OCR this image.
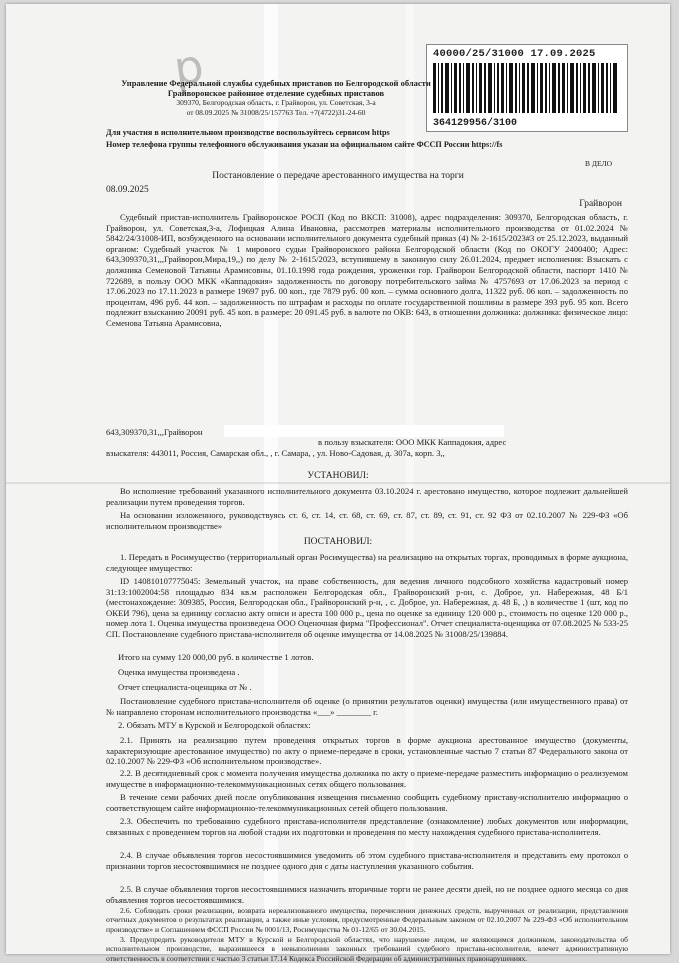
р	40000/25/31000 17.09.2025
364129956/3100
Управление Федеральной службы судебных приставов по Белгородской области
Грайворонское районное отделение судебных приставов
309370, Белгородская область, г. Грайворон, ул. Советская, 3-а
от 08.09.2025 № 31008/25/157763 Тел. +7(4722)31-24-60
Для участия в исполнительном производстве воспользуйтесь сервисом https
Номер телефона группы телефонного обслуживания указан на официальном сайте ФССП России https://fs
В ДЕЛО
Постановление о передаче арестованного имущества на торги
08.09.2025
Грайворон

Судебный пристав-исполнитель Грайворонское РОСП (Код по ВКСП: 31008), адрес подразделения: 309370, Белгородская область, г. Грайворон, ул. Советская,3-а, Лофицкая Алина Ивановна, рассмотрев материалы исполнительного производства от 01.02.2024 № 5842/24/31008-ИП, возбужденного на основании исполнительного документа судебный приказ (4) № 2-1615/2023#3 от 25.12.2023, выданный органом: Судебный участок № 1 мирового судьи Грайворонского района Белгородской области (Код по ОКОГУ 2400400; Адрес: 643,309370,31,,,Грайворон,Мира,19,,) по делу № 2-1615/2023, вступившему в законную силу 26.01.2024, предмет исполнения: Взыскать с должника Семеновой Татьяны Арамисовны, 01.10.1998 года рождения, уроженки гор. Грайворон Белгородской области, паспорт 1410 № 722689, в пользу ООО МКК «Каппадокия» задолженность по договору потребительского займа № 4757693 от 17.06.2023 за период с 17.06.2023 по 17.11.2023 в размере 19697 руб. 00 коп., где 7879 руб. 00 коп. – сумма основного долга, 11322 руб. 06 коп. – задолженность по процентам, 496 руб. 44 коп. – задолженность по штрафам и расходы по оплате государственной пошлины в размере 393 руб. 95 коп. Всего подлежит взысканию 20091 руб. 45 коп. в размере: 20 091.45 руб. в валюте по ОКВ: 643, в отношении должника: должника: физическое лицо: Семенова Татьяна Арамисовна,

643,309370,31,,,Грайворон
в пользу взыскателя: ООО МКК Каппадокия, адрес
взыскателя: 443011, Россия, Самарская обл., , г. Самара, , ул. Ново-Садовая, д. 307а, корп. 3,,
УСТАНОВИЛ:

Во исполнение требований указанного исполнительного документа 03.10.2024 г. арестовано имущество, которое подлежит дальнейшей реализации путем проведения торгов.

На основании изложенного, руководствуясь ст. 6, ст. 14, ст. 68, ст. 69, ст. 87, ст. 89, ст. 91, ст. 92 ФЗ от 02.10.2007 № 229-ФЗ «Об исполнительном производстве»

ПОСТАНОВИЛ:

1. Передать в Росимущество (территориальный орган Росимущества) на реализацию на открытых торгах, проводимых в форме аукциона, следующее имущество:

ID 140810107775045: Земельный участок, на праве собственность, для ведения личного подсобного хозяйства кадастровый номер 31:13:1002004:58 площадью 834 кв.м расположен Белгородская обл., Грайворонский р-он, с. Доброе, ул. Набережная, 48 Б/1 (местонахождение: 309385, Россия, Белгородская обл., Грайворонский р-н, , с. Доброе, ул. Набережная, д. 48 Б, ,) в количестве 1 (шт, код по ОКЕИ 796), цена за единицу согласно акту описи и ареста 100 000 р., цена по оценке за единицу 120 000 р., стоимость по оценке 120 000 р., номер лота 1. Оценка имущества произведена ООО Оценочная фирма "Профессионал". Отчет специалиста-оценщика от 07.08.2025 № 533-25 СП. Постановление судебного пристава-исполнителя об оценке имущества от 14.08.2025 № 31008/25/139884.

Итого на сумму 120 000,00 руб. в количестве 1 лотов.
Оценка имущества произведена .
Отчет специалиста-оценщика от № .

Постановление судебного пристава-исполнителя об оценке (о принятии результатов оценки) имущества (или имущественного права) от № направлено сторонам исполнительного производства «___» ________ г.

2. Обязать МТУ в Курской и Белгородской областях:

2.1. Принять на реализацию путем проведения открытых торгов в форме аукциона арестованное имущество (документы, характеризующие арестованное имущество) по акту о приеме-передаче в сроки, установленные частью 7 статьи 87 Федерального закона от 02.10.2007 № 229-ФЗ «Об исполнительном производстве».

2.2. В десятидневный срок с момента получения имущества должника по акту о приеме-передаче разместить информацию о реализуемом имуществе в информационно-телекоммуникационных сетях общего пользования.

В течение семи рабочих дней после опубликования извещения письменно сообщить судебному приставу-исполнителю информацию о соответствующем сайте информационно-телекоммуникационных сетей общего пользования.

2.3. Обеспечить по требованию судебного пристава-исполнителя представление (ознакомление) любых документов или информации, связанных с проведением торгов на любой стадии их подготовки и проведения по месту нахождения судебного пристава-исполнителя.

2.4. В случае объявления торгов несостоявшимися уведомить об этом судебного пристава-исполнителя и представить ему протокол о признании торгов несостоявшимися не позднее одного дня с даты наступления указанного события.

2.5. В случае объявления торгов несостоявшимися назначить вторичные торги не ранее десяти дней, но не позднее одного месяца со дня объявления торгов несостоявшимися.

2.6. Соблюдать сроки реализации, возврата нереализованного имущества, перечисления денежных средств, вырученных от реализации, представления отчетных документов о результатах реализации, а также иные условия, предусмотренные Федеральным законом от 02.10.2007 № 229-ФЗ «Об исполнительном производстве» и Соглашением ФССП России № 0001/13, Росимущества № 01-12/65 от 30.04.2015.

3. Предупредить руководителя МТУ в Курской и Белгородской областях, что нарушение лицом, не являющимся должником, законодательства об исполнительном производстве, выразившееся в невыполнении законных требований судебного пристава-исполнителя, влечет административную ответственность в соответствии с частью 3 статьи 17.14 Кодекса Российской Федерации об административных правонарушениях.
